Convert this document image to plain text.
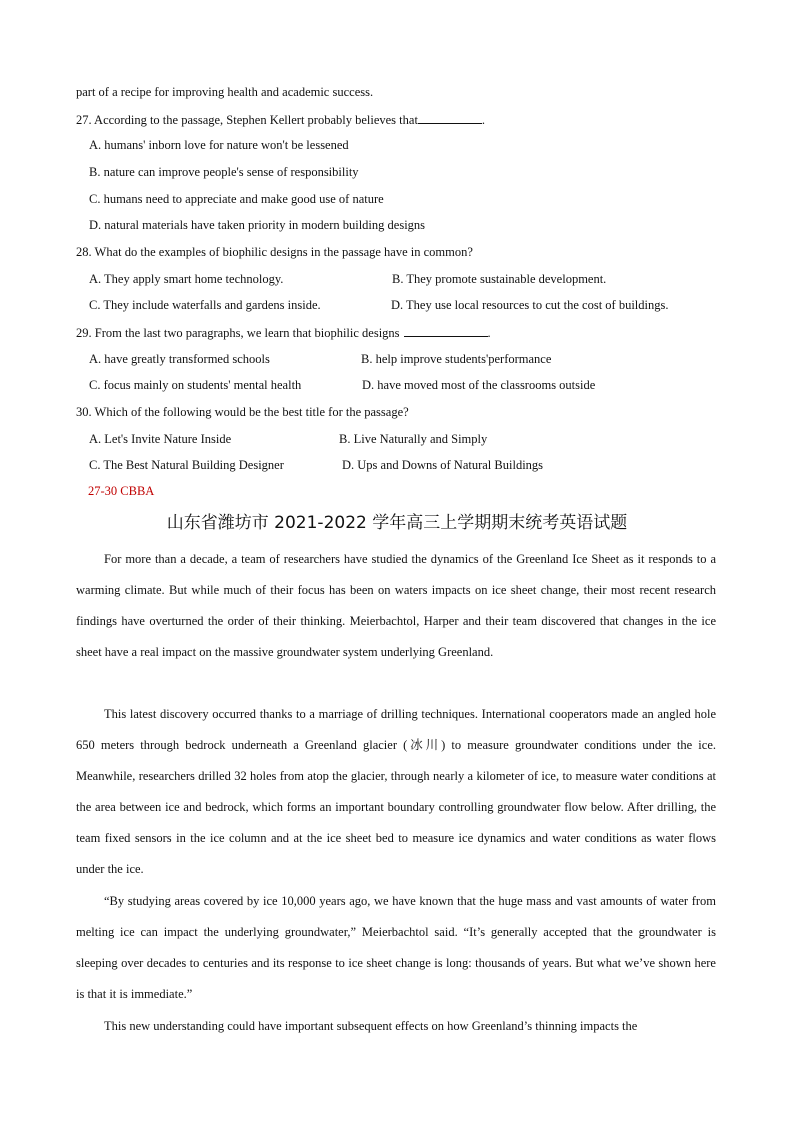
part of a recipe for improving health and academic success.
27. According to the passage, Stephen Kellert probably believes that	.
A. humans' inborn love for nature won't be lessened
B. nature can improve people's sense of responsibility
C. humans need to appreciate and make good use of nature
D. natural materials have taken priority in modern building designs
28. What do the examples of biophilic designs in the passage have in common?
A. They apply smart home technology.	B. They promote sustainable development.
C. They include waterfalls and gardens inside.	D. They use local resources to cut the cost of buildings.
29. From the last two paragraphs, we learn that biophilic designs	.
A. have greatly transformed schools	B. help improve students'performance
C. focus mainly on students' mental health	D. have moved most of the classrooms outside
30. Which of the following would be the best title for the passage?
A. Let's Invite Nature Inside	B. Live Naturally and Simply
C. The Best Natural Building Designer	D. Ups and Downs of Natural Buildings
27-30 CBBA
山东省潍坊市 2021-2022 学年高三上学期期末统考英语试题
For more than a decade, a team of researchers have studied the dynamics of the Greenland Ice Sheet as it responds to a warming climate. But while much of their focus has been on waters impacts on ice sheet change, their most recent research findings have overturned the order of their thinking. Meierbachtol, Harper and their team discovered that changes in the ice sheet have a real impact on the massive groundwater system underlying Greenland.
This latest discovery occurred thanks to a marriage of drilling techniques. International cooperators made an angled hole 650 meters through bedrock underneath a Greenland glacier (冰川) to measure groundwater conditions under the ice. Meanwhile, researchers drilled 32 holes from atop the glacier, through nearly a kilometer of ice, to measure water conditions at the area between ice and bedrock, which forms an important boundary controlling groundwater flow below. After drilling, the team fixed sensors in the ice column and at the ice sheet bed to measure ice dynamics and water conditions as water flows under the ice.
“By studying areas covered by ice 10,000 years ago, we have known that the huge mass and vast amounts of water from melting ice can impact the underlying groundwater,” Meierbachtol said. “It’s generally accepted that the groundwater is sleeping over decades to centuries and its response to ice sheet change is long: thousands of years. But what we’ve shown here is that it is immediate.”
This new understanding could have important subsequent effects on how Greenland’s thinning impacts the
